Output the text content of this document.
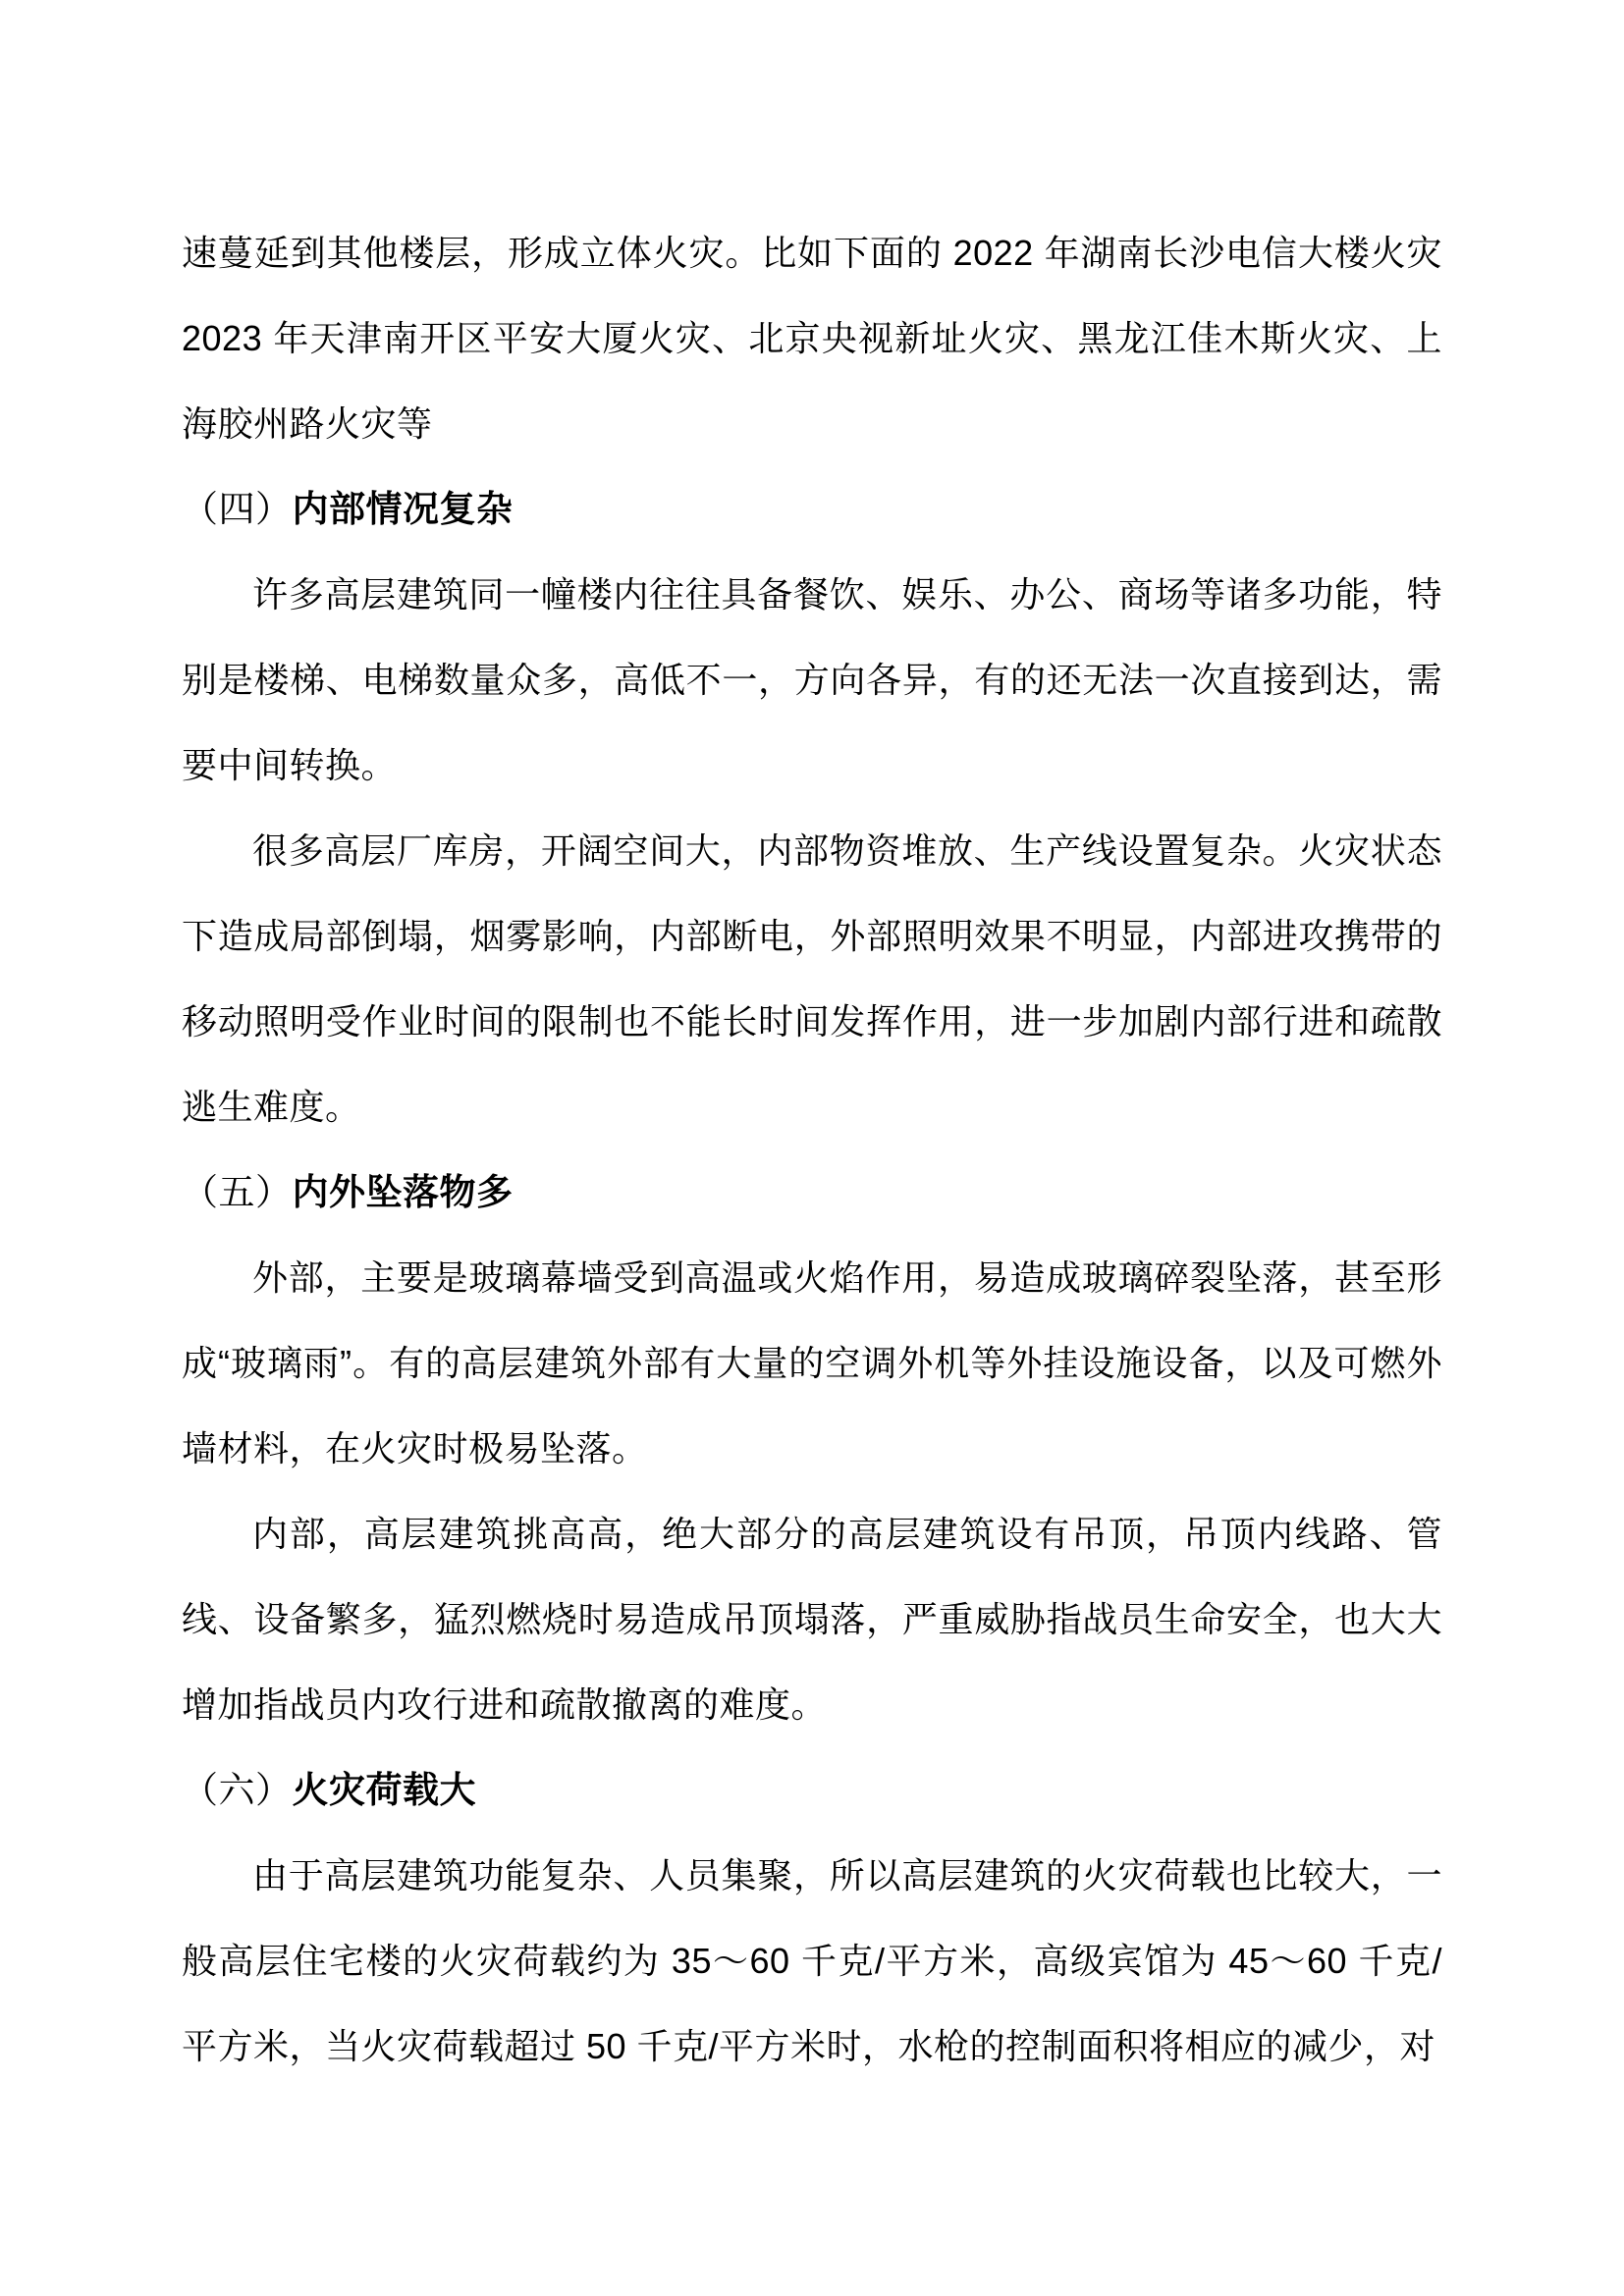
速蔓延到其他楼层，形成立体火灾。比如下面的 2022 年湖南长沙电信大楼火灾 2023 年天津南开区平安大厦火灾、北京央视新址火灾、黑龙江佳木斯火灾、上海胶州路火灾等

（四）内部情况复杂

许多高层建筑同一幢楼内往往具备餐饮、娱乐、办公、商场等诸多功能，特别是楼梯、电梯数量众多，高低不一，方向各异，有的还无法一次直接到达，需要中间转换。

很多高层厂库房，开阔空间大，内部物资堆放、生产线设置复杂。火灾状态下造成局部倒塌，烟雾影响，内部断电，外部照明效果不明显，内部进攻携带的移动照明受作业时间的限制也不能长时间发挥作用，进一步加剧内部行进和疏散逃生难度。

（五）内外坠落物多

外部，主要是玻璃幕墙受到高温或火焰作用，易造成玻璃碎裂坠落，甚至形成“玻璃雨”。有的高层建筑外部有大量的空调外机等外挂设施设备，以及可燃外墙材料，在火灾时极易坠落。

内部，高层建筑挑高高，绝大部分的高层建筑设有吊顶，吊顶内线路、管线、设备繁多，猛烈燃烧时易造成吊顶塌落，严重威胁指战员生命安全，也大大增加指战员内攻行进和疏散撤离的难度。

（六）火灾荷载大

由于高层建筑功能复杂、人员集聚，所以高层建筑的火灾荷载也比较大，一般高层住宅楼的火灾荷载约为 35～60 千克/平方米，高级宾馆为 45～60 千克/平方米，当火灾荷载超过 50 千克/平方米时，水枪的控制面积将相应的减少，对
